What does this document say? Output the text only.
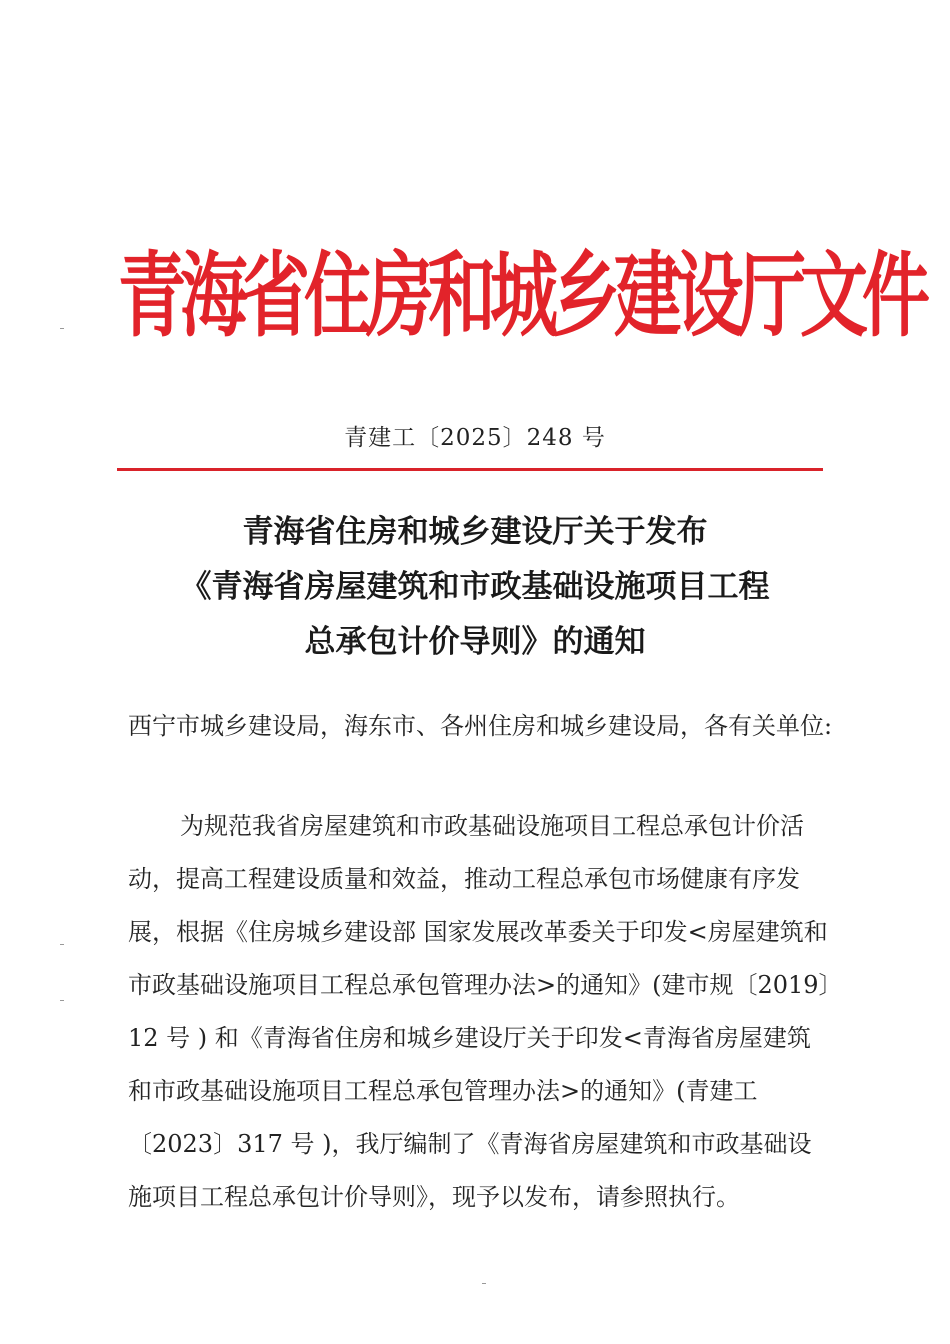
青海省住房和城乡建设厅文件
青建工〔2025〕248 号
青海省住房和城乡建设厅关于发布
《青海省房屋建筑和市政基础设施项目工程
总承包计价导则》的通知
西宁市城乡建设局，海东市、各州住房和城乡建设局，各有关单位:
为规范我省房屋建筑和市政基础设施项目工程总承包计价活动，提高工程建设质量和效益，推动工程总承包市场健康有序发展，根据《住房城乡建设部 国家发展改革委关于印发<房屋建筑和市政基础设施项目工程总承包管理办法>的通知》(建市规〔2019〕12 号 ) 和《青海省住房和城乡建设厅关于印发<青海省房屋建筑和市政基础设施项目工程总承包管理办法>的通知》(青建工〔2023〕317 号 )，我厅编制了《青海省房屋建筑和市政基础设施项目工程总承包计价导则》，现予以发布，请参照执行。
